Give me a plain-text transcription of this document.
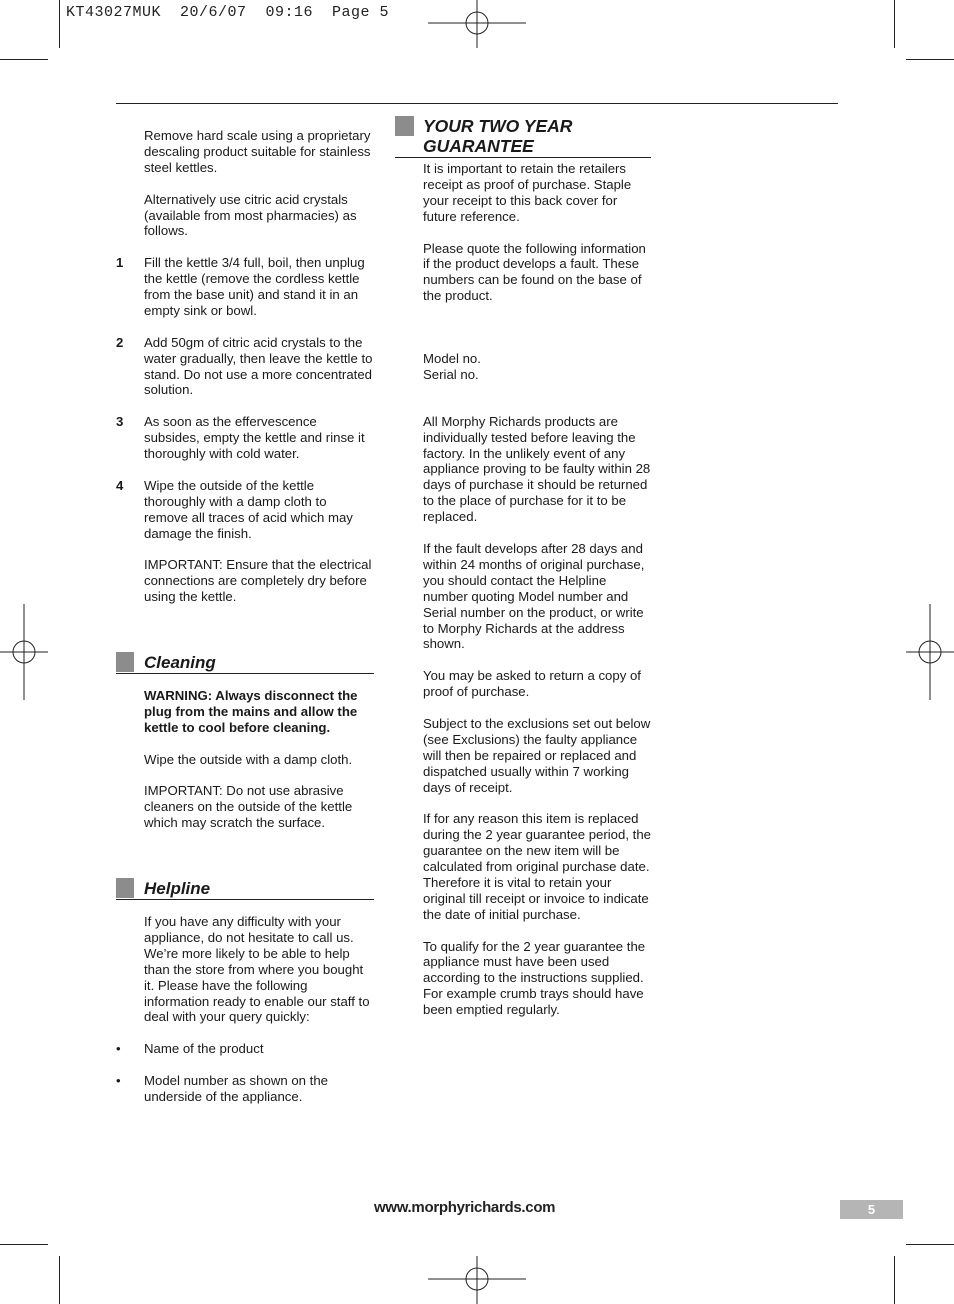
KT43027MUK  20/6/07  09:16  Page 5

Remove hard scale using a proprietary descaling product suitable for stainless steel kettles.

Alternatively use citric acid crystals (available from most pharmacies) as follows.

1 Fill the kettle 3/4 full, boil, then unplug the kettle (remove the cordless kettle from the base unit) and stand it in an empty sink or bowl.
2 Add 50gm of citric acid crystals to the water gradually, then leave the kettle to stand. Do not use a more concentrated solution.
3 As soon as the effervescence subsides, empty the kettle and rinse it thoroughly with cold water.
4 Wipe the outside of the kettle thoroughly with a damp cloth to remove all traces of acid which may damage the finish.

IMPORTANT: Ensure that the electrical connections are completely dry before using the kettle.

Cleaning

WARNING: Always disconnect the plug from the mains and allow the kettle to cool before cleaning.

Wipe the outside with a damp cloth.

IMPORTANT: Do not use abrasive cleaners on the outside of the kettle which may scratch the surface.

Helpline

If you have any difficulty with your appliance, do not hesitate to call us. We’re more likely to be able to help than the store from where you bought it. Please have the following information ready to enable our staff to deal with your query quickly:

• Name of the product
• Model number as shown on the underside of the appliance.
YOUR TWO YEAR GUARANTEE

It is important to retain the retailers receipt as proof of purchase. Staple your receipt to this back cover for future reference.

Please quote the following information if the product develops a fault. These numbers can be found on the base of the product.

Model no.

Serial no.

All Morphy Richards products are individually tested before leaving the factory. In the unlikely event of any appliance proving to be faulty within 28 days of purchase it should be returned to the place of purchase for it to be replaced.

If the fault develops after 28 days and within 24 months of original purchase, you should contact the Helpline number quoting Model number and Serial number on the product, or write to Morphy Richards at the address shown.

You may be asked to return a copy of proof of purchase.

Subject to the exclusions set out below (see Exclusions) the faulty appliance will then be repaired or replaced and dispatched usually within 7 working days of receipt.

If for any reason this item is replaced during the 2 year guarantee period, the guarantee on the new item will be calculated from original purchase date. Therefore it is vital to retain your original till receipt or invoice to indicate the date of initial purchase.

To qualify for the 2 year guarantee the appliance must have been used according to the instructions supplied. For example crumb trays should have been emptied regularly.

www.morphyrichards.com	5
